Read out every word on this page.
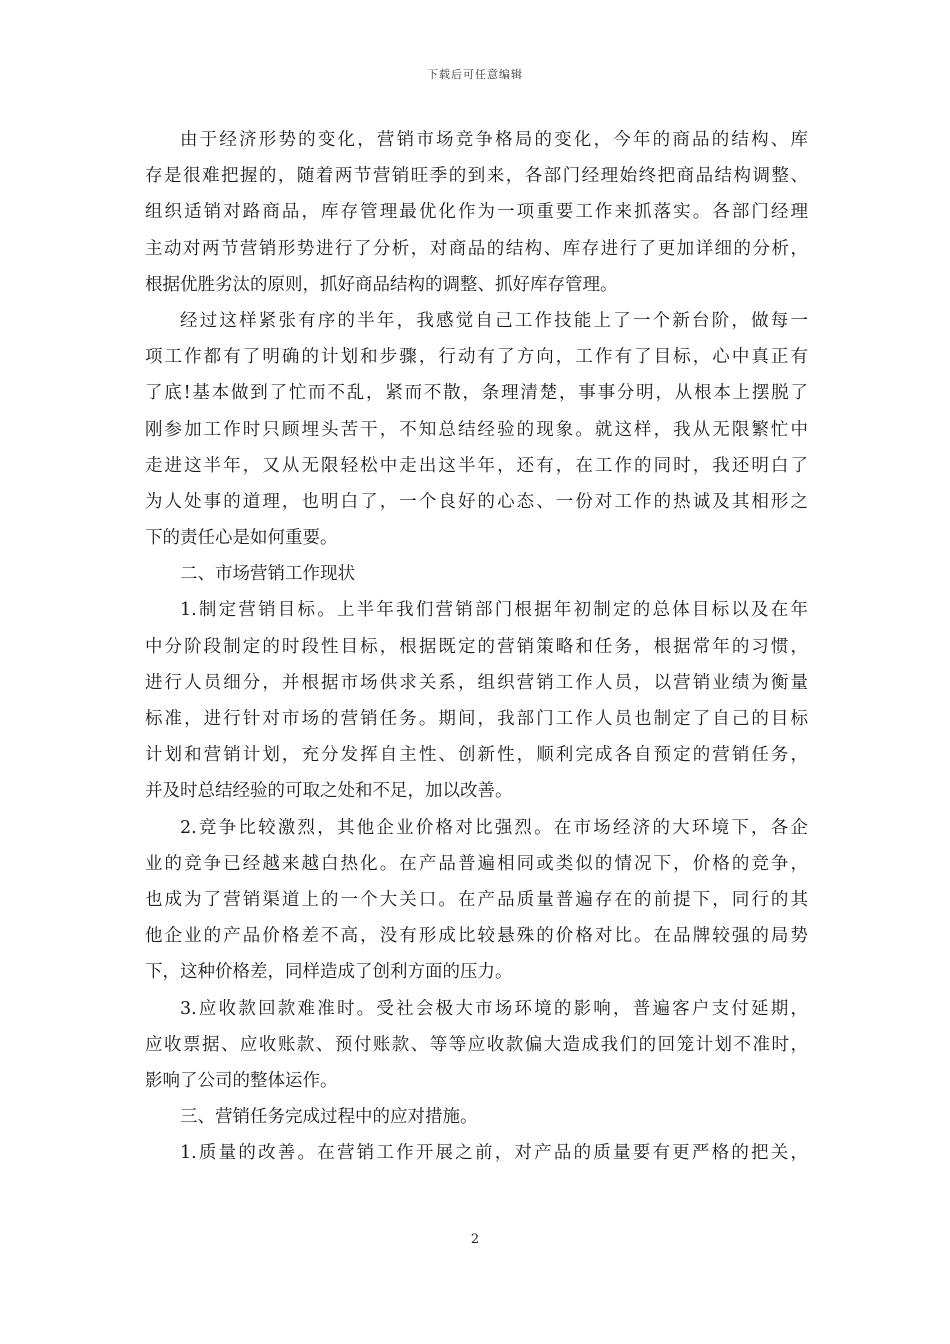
下载后可任意编辑
由于经济形势的变化，营销市场竞争格局的变化，今年的商品的结构、库
存是很难把握的，随着两节营销旺季的到来，各部门经理始终把商品结构调整、
组织适销对路商品，库存管理最优化作为一项重要工作来抓落实。各部门经理
主动对两节营销形势进行了分析，对商品的结构、库存进行了更加详细的分析，
根据优胜劣汰的原则，抓好商品结构的调整、抓好库存管理。
经过这样紧张有序的半年，我感觉自己工作技能上了一个新台阶，做每一
项工作都有了明确的计划和步骤，行动有了方向，工作有了目标，心中真正有
了底!基本做到了忙而不乱，紧而不散，条理清楚，事事分明，从根本上摆脱了
刚参加工作时只顾埋头苦干，不知总结经验的现象。就这样，我从无限繁忙中
走进这半年，又从无限轻松中走出这半年，还有，在工作的同时，我还明白了
为人处事的道理，也明白了，一个良好的心态、一份对工作的热诚及其相形之
下的责任心是如何重要。
二、市场营销工作现状
1.制定营销目标。上半年我们营销部门根据年初制定的总体目标以及在年
中分阶段制定的时段性目标，根据既定的营销策略和任务，根据常年的习惯，
进行人员细分，并根据市场供求关系，组织营销工作人员，以营销业绩为衡量
标准，进行针对市场的营销任务。期间，我部门工作人员也制定了自己的目标
计划和营销计划，充分发挥自主性、创新性，顺利完成各自预定的营销任务，
并及时总结经验的可取之处和不足，加以改善。
2.竞争比较激烈，其他企业价格对比强烈。在市场经济的大环境下，各企
业的竞争已经越来越白热化。在产品普遍相同或类似的情况下，价格的竞争，
也成为了营销渠道上的一个大关口。在产品质量普遍存在的前提下，同行的其
他企业的产品价格差不高，没有形成比较悬殊的价格对比。在品牌较强的局势
下，这种价格差，同样造成了创利方面的压力。
3.应收款回款难准时。受社会极大市场环境的影响，普遍客户支付延期，
应收票据、应收账款、预付账款、等等应收款偏大造成我们的回笼计划不准时，
影响了公司的整体运作。
三、营销任务完成过程中的应对措施。
1.质量的改善。在营销工作开展之前，对产品的质量要有更严格的把关，
2
